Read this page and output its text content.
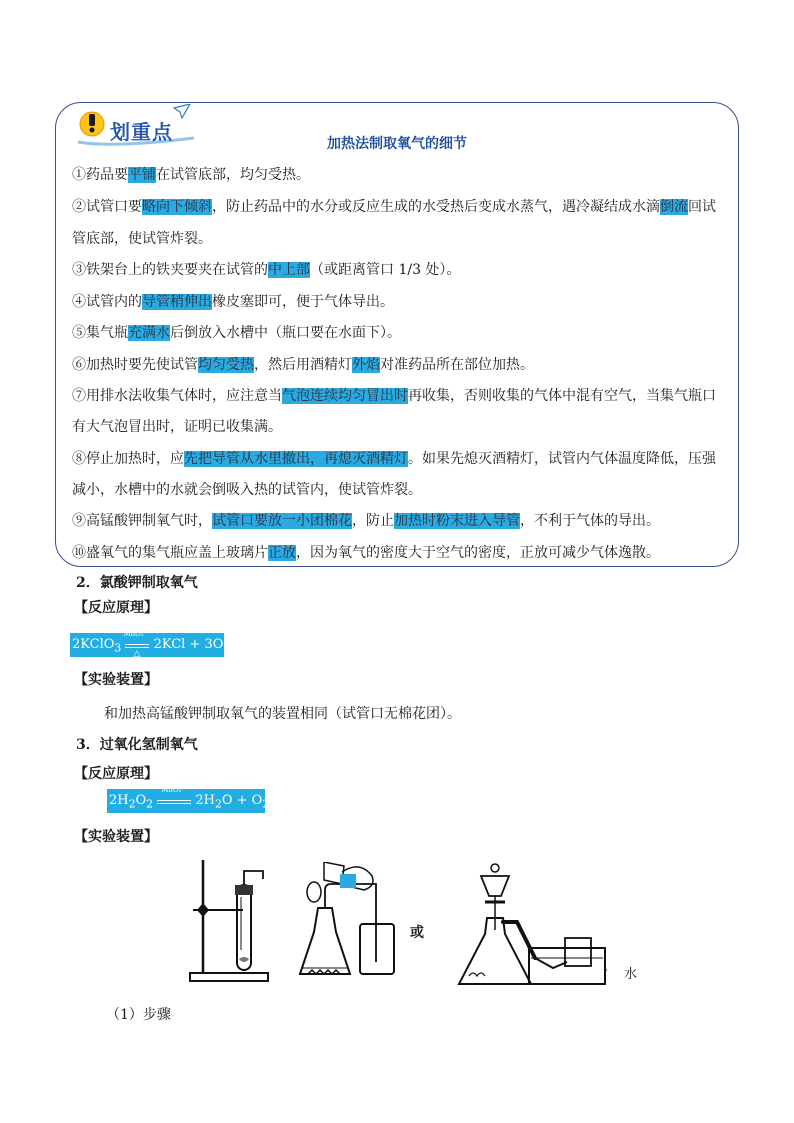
划重点	加热法制取氧气的细节
①药品要平铺在试管底部，均匀受热。
②试管口要略向下倾斜，防止药品中的水分或反应生成的水受热后变成水蒸气，遇冷凝结成水滴倒流回试
管底部，使试管炸裂。
③铁架台上的铁夹要夹在试管的中上部（或距离管口 1/3 处）。
④试管内的导管稍伸出橡皮塞即可，便于气体导出。
⑤集气瓶充满水后倒放入水槽中（瓶口要在水面下）。
⑥加热时要先使试管均匀受热，然后用酒精灯外焰对准药品所在部位加热。
⑦用排水法收集气体时，应注意当气泡连续均匀冒出时再收集，否则收集的气体中混有空气，当集气瓶口
有大气泡冒出时，证明已收集满。
⑧停止加热时，应先把导管从水里撤出，再熄灭酒精灯。如果先熄灭酒精灯，试管内气体温度降低，压强
减小，水槽中的水就会倒吸入热的试管内，使试管炸裂。
⑨高锰酸钾制氧气时，试管口要放一小团棉花，防止加热时粉末进入导管，不利于气体的导出。
⑩盛氧气的集气瓶应盖上玻璃片正放，因为氧气的密度大于空气的密度，正放可减少气体逸散。
2．氯酸钾制取氧气
【反应原理】
2KClO$_3$
MnO₂
△
$2KCl + 3O_2↑$
【实验装置】
和加热高锰酸钾制取氧气的装置相同（试管口无棉花团）。
3．过氧化氢制氧气
【反应原理】
$2H_2O_2$
MnO₂
$2H_2O$ + $O_2↑$
【实验装置】
或
水
（1）步骤
